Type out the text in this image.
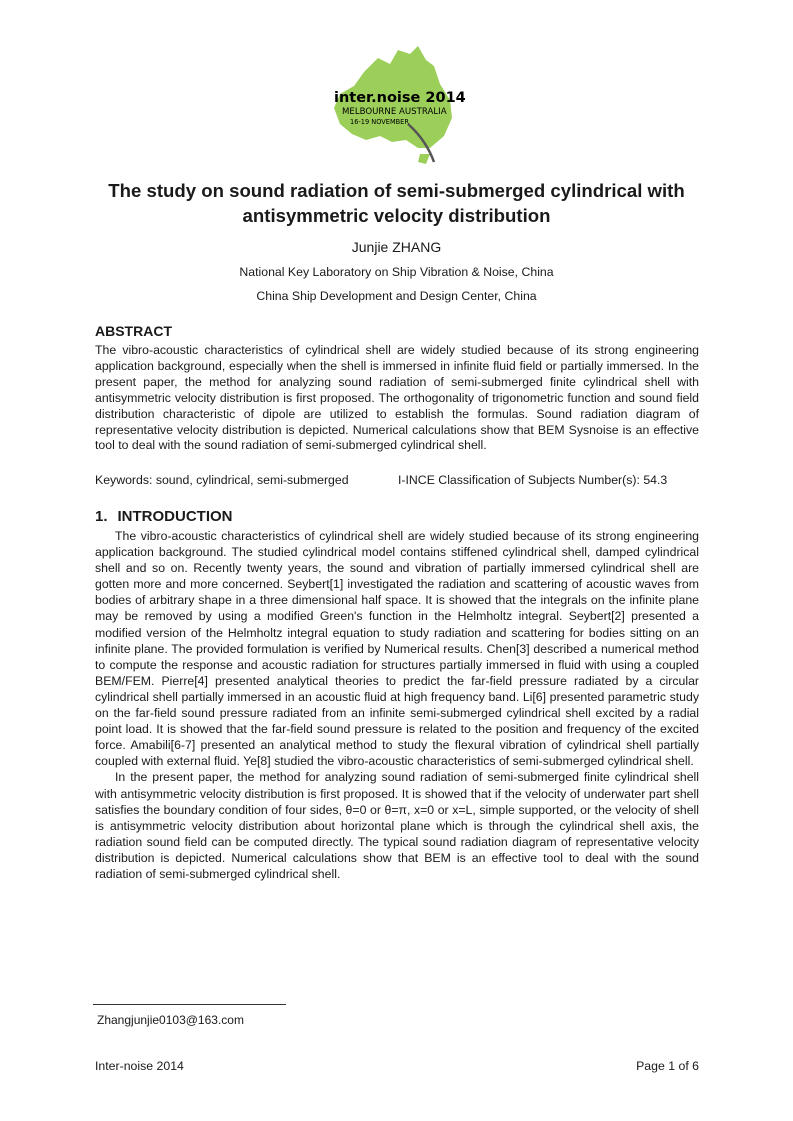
inter.noise 2014
MELBOURNE AUSTRALIA
16-19 NOVEMBER
The study on sound radiation of semi-submerged cylindrical with antisymmetric velocity distribution
Junjie ZHANG
National Key Laboratory on Ship Vibration & Noise, China
China Ship Development and Design Center, China
ABSTRACT

The vibro-acoustic characteristics of cylindrical shell are widely studied because of its strong engineering application background, especially when the shell is immersed in infinite fluid field or partially immersed. In the present paper, the method for analyzing sound radiation of semi-submerged finite cylindrical shell with antisymmetric velocity distribution is first proposed. The orthogonality of trigonometric function and sound field distribution characteristic of dipole are utilized to establish the formulas. Sound radiation diagram of representative velocity distribution is depicted. Numerical calculations show that BEM Sysnoise is an effective tool to deal with the sound radiation of semi-submerged cylindrical shell.

Keywords: sound, cylindrical, semi-submerged	I-INCE Classification of Subjects Number(s): 54.3
1. INTRODUCTION

The vibro-acoustic characteristics of cylindrical shell are widely studied because of its strong engineering application background. The studied cylindrical model contains stiffened cylindrical shell, damped cylindrical shell and so on. Recently twenty years, the sound and vibration of partially immersed cylindrical shell are gotten more and more concerned. Seybert[1] investigated the radiation and scattering of acoustic waves from bodies of arbitrary shape in a three dimensional half space. It is showed that the integrals on the infinite plane may be removed by using a modified Green's function in the Helmholtz integral. Seybert[2] presented a modified version of the Helmholtz integral equation to study radiation and scattering for bodies sitting on an infinite plane. The provided formulation is verified by Numerical results. Chen[3] described a numerical method to compute the response and acoustic radiation for structures partially immersed in fluid with using a coupled BEM/FEM. Pierre[4] presented analytical theories to predict the far-field pressure radiated by a circular cylindrical shell partially immersed in an acoustic fluid at high frequency band. Li[6] presented parametric study on the far-field sound pressure radiated from an infinite semi-submerged cylindrical shell excited by a radial point load. It is showed that the far-field sound pressure is related to the position and frequency of the excited force. Amabili[6-7] presented an analytical method to study the flexural vibration of cylindrical shell partially coupled with external fluid. Ye[8] studied the vibro-acoustic characteristics of semi-submerged cylindrical shell.

In the present paper, the method for analyzing sound radiation of semi-submerged finite cylindrical shell with antisymmetric velocity distribution is first proposed. It is showed that if the velocity of underwater part shell satisfies the boundary condition of four sides, θ=0 or θ=π, x=0 or x=L, simple supported, or the velocity of shell is antisymmetric velocity distribution about horizontal plane which is through the cylindrical shell axis, the radiation sound field can be computed directly. The typical sound radiation diagram of representative velocity distribution is depicted. Numerical calculations show that BEM is an effective tool to deal with the sound radiation of semi-submerged cylindrical shell.

Zhangjunjie0103@163.com
Inter-noise 2014	Page 1 of 6
